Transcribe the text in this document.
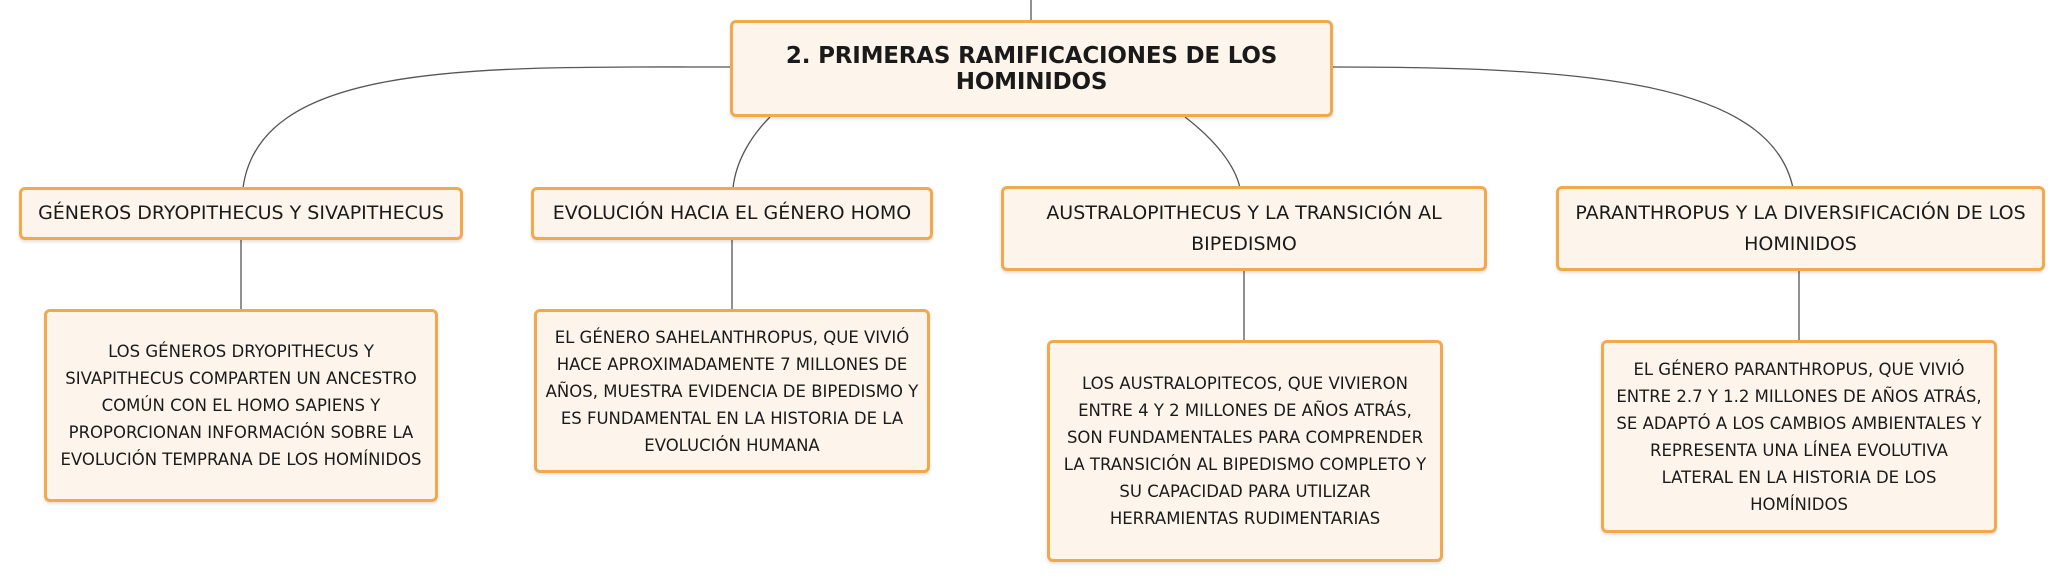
2. PRIMERAS RAMIFICACIONES DE LOS HOMINIDOS
GÉNEROS DRYOPITHECUS Y SIVAPITHECUS
LOS GÉNEROS DRYOPITHECUS Y SIVAPITHECUS COMPARTEN UN ANCESTRO COMÚN CON EL HOMO SAPIENS Y PROPORCIONAN INFORMACIÓN SOBRE LA EVOLUCIÓN TEMPRANA DE LOS HOMÍNIDOS
EVOLUCIÓN HACIA EL GÉNERO HOMO
EL GÉNERO SAHELANTHROPUS, QUE VIVIÓ HACE APROXIMADAMENTE 7 MILLONES DE AÑOS, MUESTRA EVIDENCIA DE BIPEDISMO Y ES FUNDAMENTAL EN LA HISTORIA DE LA EVOLUCIÓN HUMANA
AUSTRALOPITHECUS Y LA TRANSICIÓN AL BIPEDISMO
LOS AUSTRALOPITECOS, QUE VIVIERON ENTRE 4 Y 2 MILLONES DE AÑOS ATRÁS, SON FUNDAMENTALES PARA COMPRENDER LA TRANSICIÓN AL BIPEDISMO COMPLETO Y SU CAPACIDAD PARA UTILIZAR HERRAMIENTAS RUDIMENTARIAS
PARANTHROPUS Y LA DIVERSIFICACIÓN DE LOS HOMINIDOS
EL GÉNERO PARANTHROPUS, QUE VIVIÓ ENTRE 2.7 Y 1.2 MILLONES DE AÑOS ATRÁS, SE ADAPTÓ A LOS CAMBIOS AMBIENTALES Y REPRESENTA UNA LÍNEA EVOLUTIVA LATERAL EN LA HISTORIA DE LOS HOMÍNIDOS
